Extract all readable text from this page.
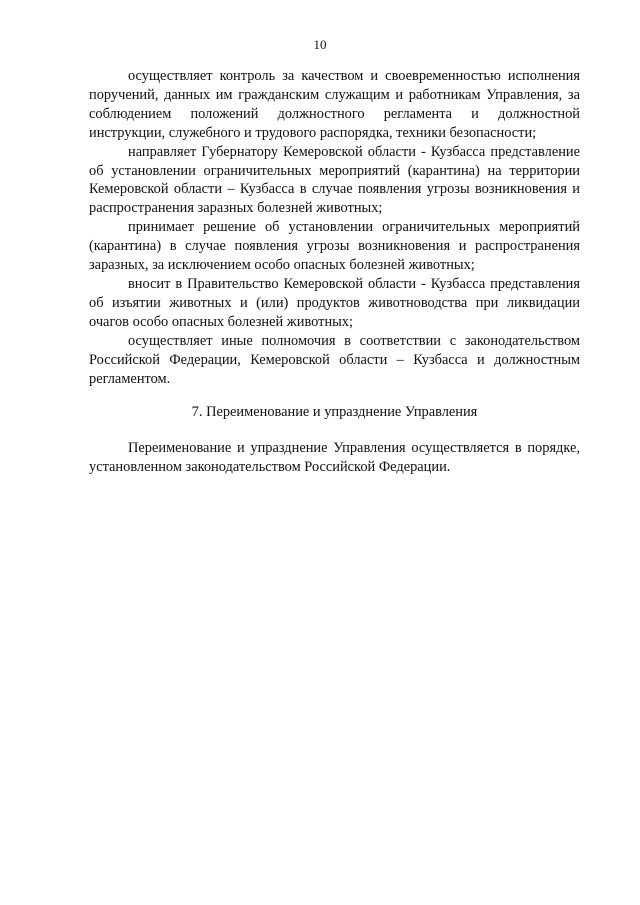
10

осуществляет контроль за качеством и своевременностью исполнения поручений, данных им гражданским служащим и работникам Управления, за соблюдением положений должностного регламента и должностной инструкции, служебного и трудового распорядка, техники безопасности;

направляет Губернатору Кемеровской области - Кузбасса представление об установлении ограничительных мероприятий (карантина) на территории Кемеровской области – Кузбасса в случае появления угрозы возникновения и распространения заразных болезней животных;

принимает решение об установлении ограничительных мероприятий (карантина) в случае появления угрозы возникновения и распространения заразных, за исключением особо опасных болезней животных;

вносит в Правительство Кемеровской области - Кузбасса представления об изъятии животных и (или) продуктов животноводства при ликвидации очагов особо опасных болезней животных;

осуществляет иные полномочия в соответствии с законодательством Российской Федерации, Кемеровской области – Кузбасса и должностным регламентом.

7. Переименование и упразднение Управления

Переименование и упразднение Управления осуществляется в порядке, установленном законодательством Российской Федерации.
